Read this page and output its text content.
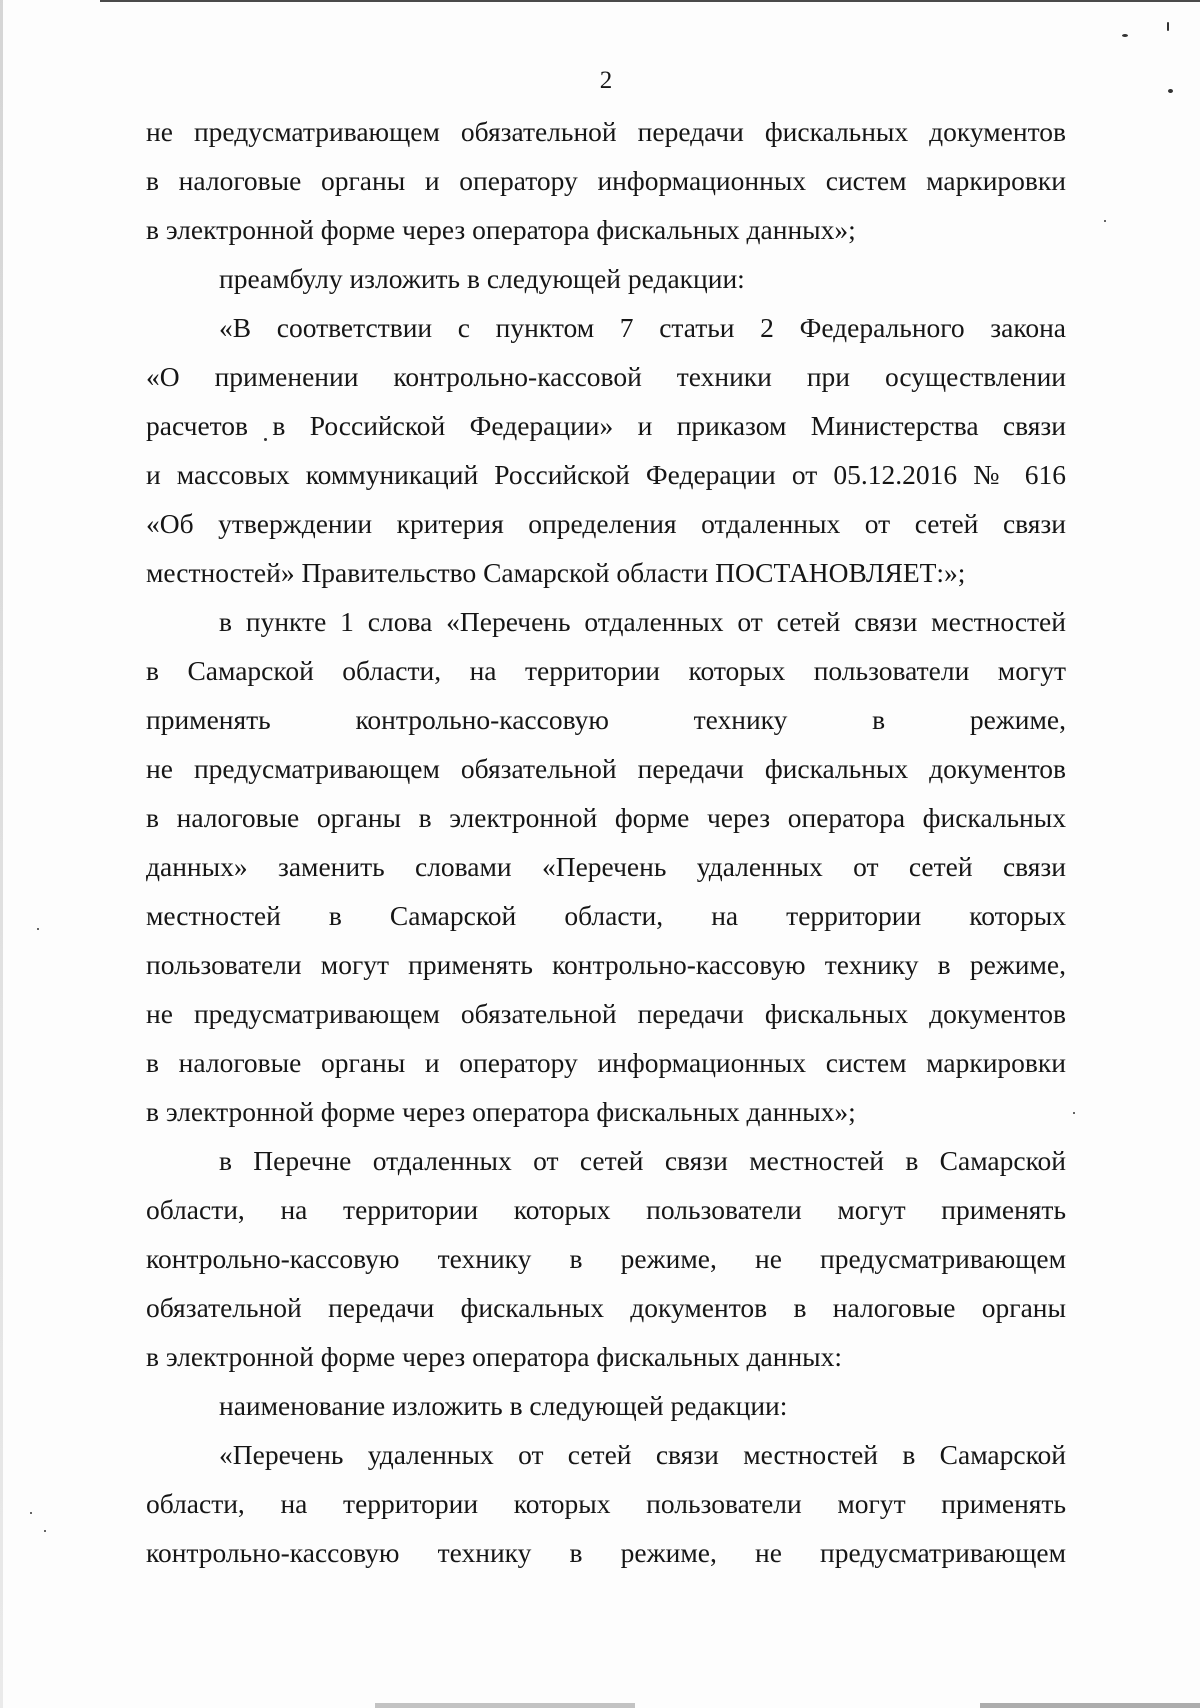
2
не предусматривающем обязательной передачи фискальных документов
в налоговые органы и оператору информационных систем маркировки
в электронной форме через оператора фискальных данных»;
преамбулу изложить в следующей редакции:
«В соответствии с пунктом 7 статьи 2 Федерального закона
«О применении контрольно-кассовой техники при осуществлении
расчетов в Российской Федерации» и приказом Министерства связи
и массовых коммуникаций Российской Федерации от 05.12.2016 № 616
«Об утверждении критерия определения отдаленных от сетей связи
местностей» Правительство Самарской области ПОСТАНОВЛЯЕТ:»;
в пункте 1 слова «Перечень отдаленных от сетей связи местностей
в Самарской области, на территории которых пользователи могут
применять контрольно-кассовую технику в режиме,
не предусматривающем обязательной передачи фискальных документов
в налоговые органы в электронной форме через оператора фискальных
данных» заменить словами «Перечень удаленных от сетей связи
местностей в Самарской области, на территории которых
пользователи могут применять контрольно-кассовую технику в режиме,
не предусматривающем обязательной передачи фискальных документов
в налоговые органы и оператору информационных систем маркировки
в электронной форме через оператора фискальных данных»;
в Перечне отдаленных от сетей связи местностей в Самарской
области, на территории которых пользователи могут применять
контрольно-кассовую технику в режиме, не предусматривающем
обязательной передачи фискальных документов в налоговые органы
в электронной форме через оператора фискальных данных:
наименование изложить в следующей редакции:
«Перечень удаленных от сетей связи местностей в Самарской
области, на территории которых пользователи могут применять
контрольно-кассовую технику в режиме, не предусматривающем
